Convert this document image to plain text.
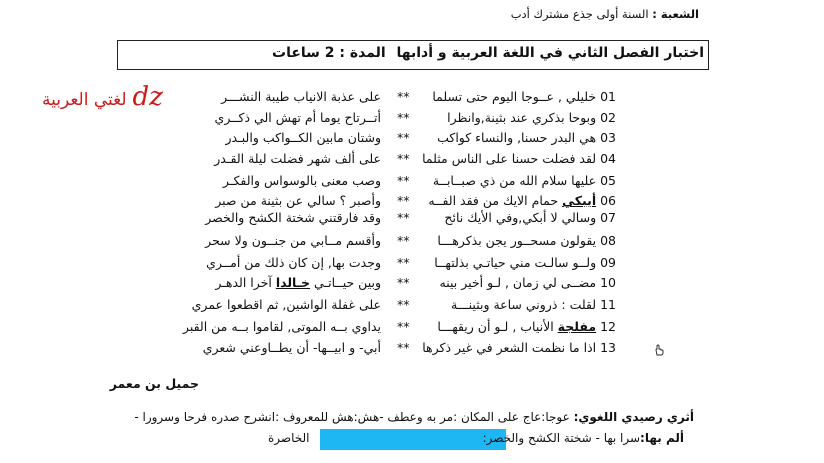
الشعبة : السنة أولى جذع مشترك أدب
اختبار الفصل الثاني في اللغة العربية و أدابها
المدة : 2 ساعات
لغتي العربية dz	01 خليلي , عــوجا اليوم حتى تسلما
**
على عذبة الانياب طيبة النشـــر
02 وبوحا بذكري عند بثينة,وانظرا
**
أتــرتاح يوما أم تهش الي ذكــري
03 هي البدر حسنا, والنساء كواكب
**
وشتان مابين الكــواكب والبـدر
04 لقد فضلت حسنا على الناس مثلما
**
على ألف شهر فضلت ليلة القـدر
05 عليها سلام الله من ذي صبــابــة
**
وصب معنى بالوسواس والفكـر
06 أيبكي حمام الايك من فقد الفــه
**
وأصبر ؟ سالي عن بثينة من صبر
07 وسالي لا أبكي,وفي الأيك نائح
**
وقد فارقتني شختة الكشح والخصر
08 يقولون مسحــور يجن بذكرهـــا
**
وأقسم مــابي من جنــون ولا سحر
09 ولــو سالـت مني حياتـي بذلتهــا
**
وجدت بها, إن كان ذلك من أمــري
10 مضــى لي زمان , لـو أخير بينه
**
وبين حيــاتـي خـالدا آخرا الدهـر
11 لقلت : ذروني ساعة وبثينـــة
**
على غفلة الواشين, ثم اقطعوا عمري
12 مفلجة الأنياب , لـو أن ريقهـــا
**
يداوي بــه الموتى, لقاموا بــه من القبر
13 اذا ما نظمت الشعر في غير ذكرها
**
أبي- و ابيــها- أن يطــاوعني شعري
جميل بن معمر
أثري رصيدي اللغوي: عوجا:عاج على المكان :مر به وعطف -هش:هش للمعروف :انشرح صدره فرحا وسرورا -
ألم بها:سرا بها - شختة الكشح والخصر:
الخاصرة
